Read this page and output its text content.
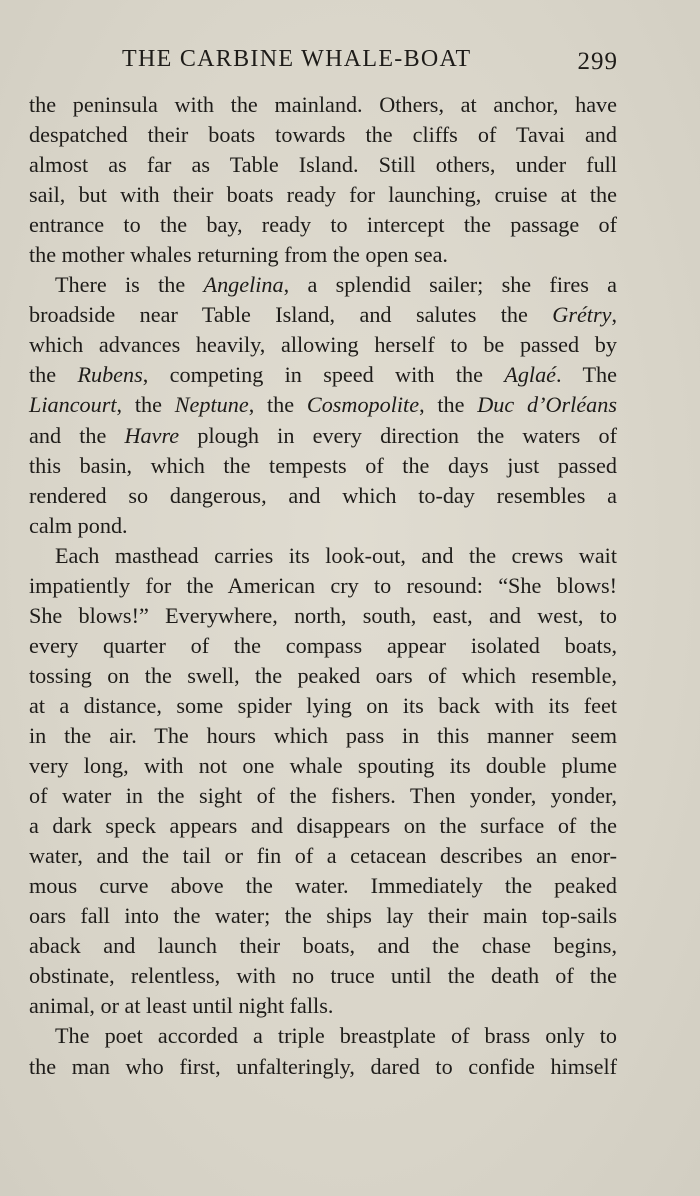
THE CARBINE WHALE-BOAT	299
the peninsula with the mainland. Others, at anchor, have
despatched their boats towards the cliffs of Tavai and
almost as far as Table Island. Still others, under full
sail, but with their boats ready for launching, cruise at the
entrance to the bay, ready to intercept the passage of
the mother whales returning from the open sea.
There is the Angelina, a splendid sailer; she fires a
broadside near Table Island, and salutes the Grétry,
which advances heavily, allowing herself to be passed by
the Rubens, competing in speed with the Aglaé. The
Liancourt, the Neptune, the Cosmopolite, the Duc d’Orléans
and the Havre plough in every direction the waters of
this basin, which the tempests of the days just passed
rendered so dangerous, and which to-day resembles a
calm pond.
Each masthead carries its look-out, and the crews wait
impatiently for the American cry to resound: “She blows!
She blows!” Everywhere, north, south, east, and west, to
every quarter of the compass appear isolated boats,
tossing on the swell, the peaked oars of which resemble,
at a distance, some spider lying on its back with its feet
in the air. The hours which pass in this manner seem
very long, with not one whale spouting its double plume
of water in the sight of the fishers. Then yonder, yonder,
a dark speck appears and disappears on the surface of the
water, and the tail or fin of a cetacean describes an enor-
mous curve above the water. Immediately the peaked
oars fall into the water; the ships lay their main top-sails
aback and launch their boats, and the chase begins,
obstinate, relentless, with no truce until the death of the
animal, or at least until night falls.
The poet accorded a triple breastplate of brass only to
the man who first, unfalteringly, dared to confide himself
